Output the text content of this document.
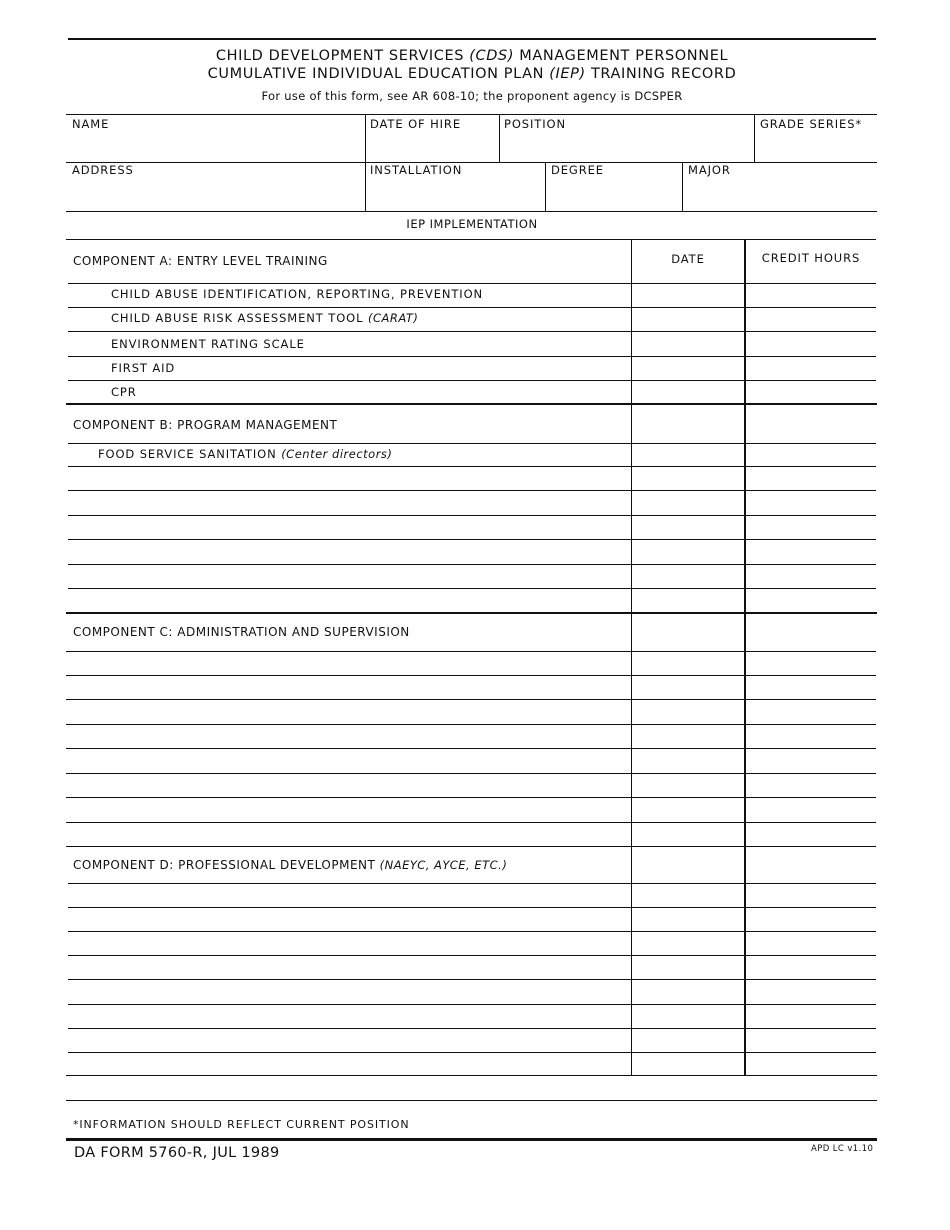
CHILD DEVELOPMENT SERVICES (CDS) MANAGEMENT PERSONNEL
CUMULATIVE INDIVIDUAL EDUCATION PLAN (IEP) TRAINING RECORD
For use of this form, see AR 608-10; the proponent agency is DCSPER
NAME	DATE OF HIRE	POSITION	GRADE SERIES*
ADDRESS	INSTALLATION	DEGREE	MAJOR
IEP IMPLEMENTATION
DATE	CREDIT HOURS
COMPONENT A: ENTRY LEVEL TRAINING
CHILD ABUSE IDENTIFICATION, REPORTING, PREVENTION
CHILD ABUSE RISK ASSESSMENT TOOL (CARAT)
ENVIRONMENT RATING SCALE
FIRST AID
CPR
COMPONENT B: PROGRAM MANAGEMENT
FOOD SERVICE SANITATION (Center directors)
COMPONENT C: ADMINISTRATION AND SUPERVISION
COMPONENT D: PROFESSIONAL DEVELOPMENT (NAEYC, AYCE, ETC.)
*INFORMATION SHOULD REFLECT CURRENT POSITION
DA FORM 5760-R, JUL 1989	APD LC v1.10
